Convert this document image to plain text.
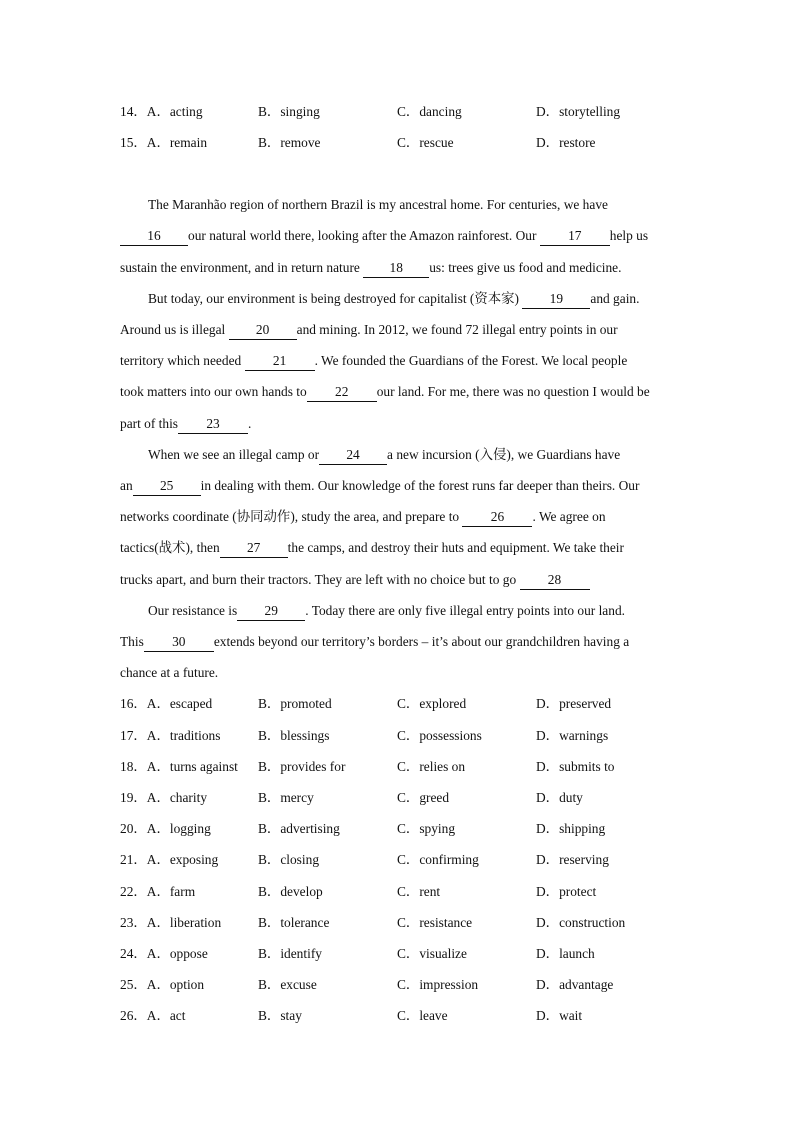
14．A．acting	B．singing	C．dancing	D．storytelling
15．A．remain	B．remove	C．rescue	D．restore
The Maranhão region of northern Brazil is my ancestral home. For centuries, we have
16 our natural world there, looking after the Amazon rainforest. Our 17 help us
sustain the environment, and in return nature 18 us: trees give us food and medicine.
But today, our environment is being destroyed for capitalist (资本家) 19 and gain.
Around us is illegal 20 and mining. In 2012, we found 72 illegal entry points in our
territory which needed 21 . We founded the Guardians of the Forest. We local people
took matters into our own hands to 22 our land. For me, there was no question I would be
part of this 23 .
When we see an illegal camp or 24 a new incursion (入侵), we Guardians have
an 25 in dealing with them. Our knowledge of the forest runs far deeper than theirs. Our
networks coordinate (协同动作), study the area, and prepare to 26 . We agree on
tactics(战术), then 27 the camps, and destroy their huts and equipment. We take their
trucks apart, and burn their tractors. They are left with no choice but to go 28
Our resistance is 29 . Today there are only five illegal entry points into our land.
This 30 extends beyond our territory’s borders – it’s about our grandchildren having a
chance at a future.
16．A．escaped	B．promoted	C．explored	D．preserved
17．A．traditions	B．blessings	C．possessions	D．warnings
18．A．turns against B．provides for	C．relies on	D．submits to
19．A．charity	B．mercy	C．greed	D．duty
20．A．logging	B．advertising	C．spying	D．shipping
21．A．exposing	B．closing	C．confirming	D．reserving
22．A．farm	B．develop	C．rent	D．protect
23．A．liberation	B．tolerance	C．resistance	D．construction
24．A．oppose	B．identify	C．visualize	D．launch
25．A．option	B．excuse	C．impression	D．advantage
26．A．act	B．stay	C．leave	D．wait
